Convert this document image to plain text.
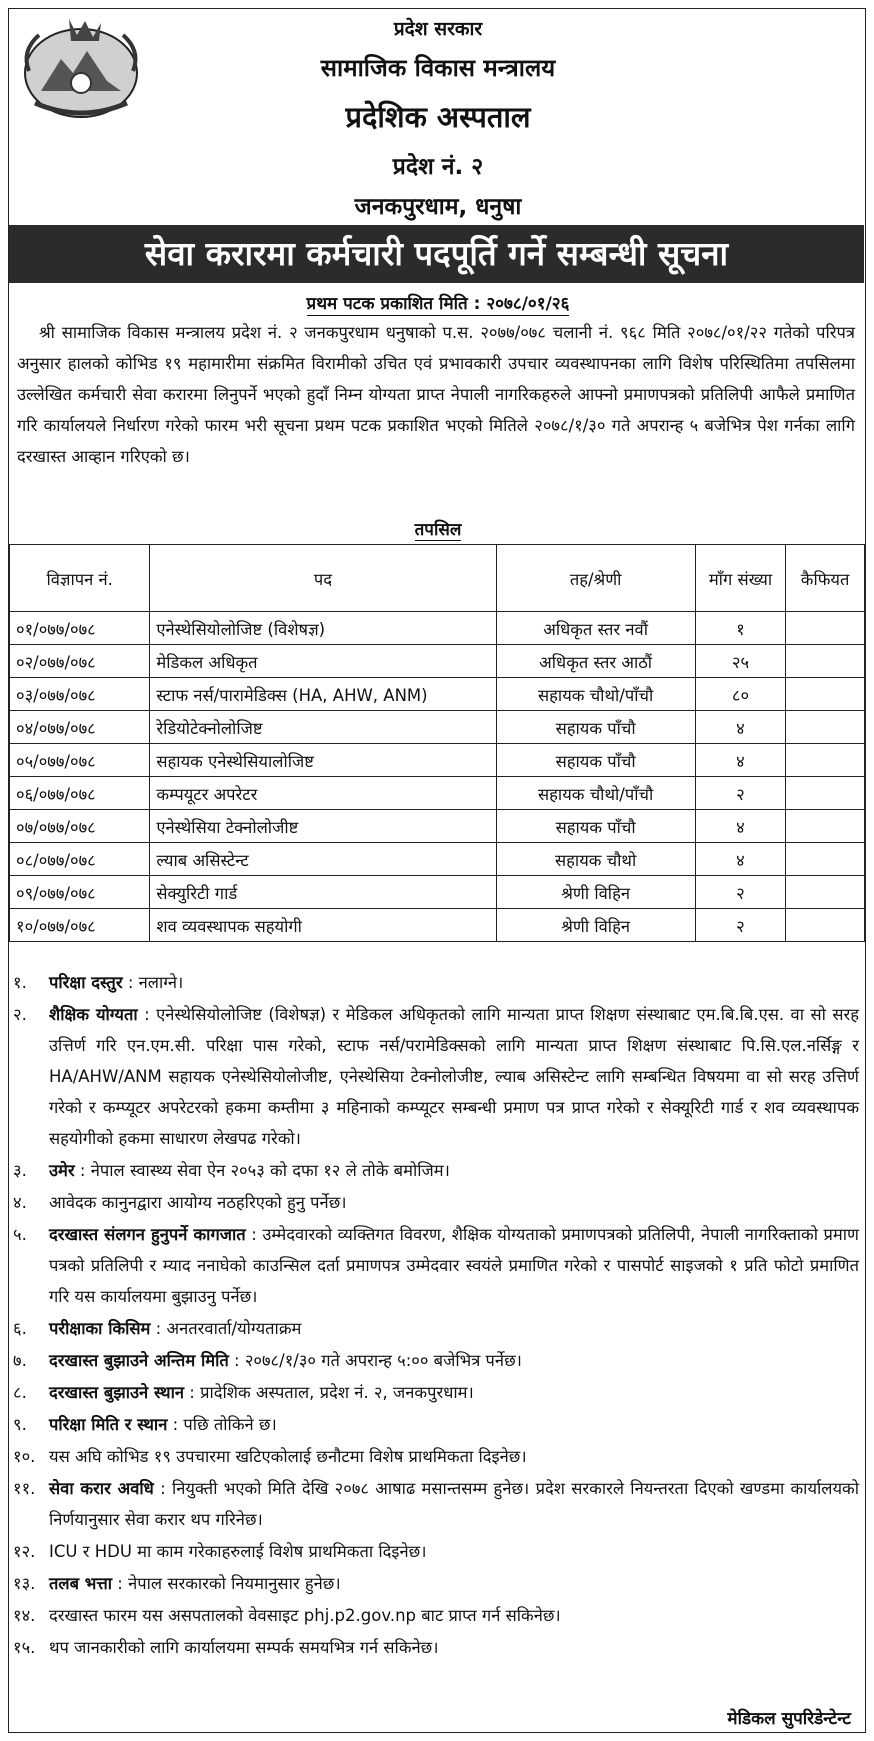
प्रदेश सरकार
सामाजिक विकास मन्त्रालय
प्रदेशिक अस्पताल
प्रदेश नं. २
जनकपुरधाम, धनुषा
सेवा करारमा कर्मचारी पदपूर्ति गर्ने सम्बन्धी सूचना
प्रथम पटक प्रकाशित मिति : २०७८/०१/२६
श्री सामाजिक विकास मन्त्रालय प्रदेश नं. २ जनकपुरधाम धनुषाको प.स. २०७७/०७८ चलानी नं. ९६८ मिति २०७८/०१/२२ गतेको परिपत्र अनुसार हालको कोभिड १९ महामारीमा संक्रमित विरामीको उचित एवं प्रभावकारी उपचार व्यवस्थापनका लागि विशेष परिस्थितिमा तपसिलमा उल्लेखित कर्मचारी सेवा करारमा लिनुपर्ने भएको हुदाँ निम्न योग्यता प्राप्त नेपाली नागरिकहरुले आफ्नो प्रमाणपत्रको प्रतिलिपी आफैले प्रमाणित गरि कार्यालयले निर्धारण गरेको फारम भरी सूचना प्रथम पटक प्रकाशित भएको मितिले २०७८/१/३० गते अपरान्ह ५ बजेभित्र पेश गर्नका लागि दरखास्त आव्हान गरिएको छ।
तपसिल
विज्ञापन नं.	पद	तह/श्रेणी	माँग संख्या	कैफियत
०१/०७७/०७८	एनेस्थेसियोलोजिष्ट (विशेषज्ञ)	अधिकृत स्तर नवौं	१	
०२/०७७/०७८	मेडिकल अधिकृत	अधिकृत स्तर आठौं	२५	
०३/०७७/०७८	स्टाफ नर्स/पारामेडिक्स (HA, AHW, ANM)	सहायक चौथो/पाँचौ	८०	
०४/०७७/०७८	रेडियोटेक्नोलोजिष्ट	सहायक पाँचौ	४	
०५/०७७/०७८	सहायक एनेस्थेसियालोजिष्ट	सहायक पाँचौ	४	
०६/०७७/०७८	कम्पयूटर अपरेटर	सहायक चौथो/पाँचौ	२	
०७/०७७/०७८	एनेस्थेसिया टेक्नोलोजीष्ट	सहायक पाँचौ	४	
०८/०७७/०७८	ल्याब असिस्टेन्ट	सहायक चौथो	४	
०९/०७७/०७८	सेक्युरिटी गार्ड	श्रेणी विहिन	२	
१०/०७७/०७८	शव व्यवस्थापक सहयोगी	श्रेणी विहिन	२	
१. परिक्षा दस्तुर : नलाग्ने।
२. शैक्षिक योग्यता : एनेस्थेसियोलोजिष्ट (विशेषज्ञ) र मेडिकल अधिकृतको लागि मान्यता प्राप्त शिक्षण संस्थाबाट एम.बि.बि.एस. वा सो सरह उत्तिर्ण गरि एन.एम.सी. परिक्षा पास गरेको, स्टाफ नर्स/परामेडिक्सको लागि मान्यता प्राप्त शिक्षण संस्थाबाट पि.सि.एल.नर्सिङ्ग र HA/AHW/ANM सहायक एनेस्थेसियोलोजीष्ट, एनेस्थेसिया टेक्नोलोजीष्ट, ल्याब असिस्टेन्ट लागि सम्बन्धित विषयमा वा सो सरह उत्तिर्ण गरेको र कम्प्यूटर अपरेटरको हकमा कम्तीमा ३ महिनाको कम्प्यूटर सम्बन्धी प्रमाण पत्र प्राप्त गरेको र सेक्यूरिटी गार्ड र शव व्यवस्थापक सहयोगीको हकमा साधारण लेखपढ गरेको।
३. उमेर : नेपाल स्वास्थ्य सेवा ऐन २०५३ को दफा १२ ले तोके बमोजिम।
४. आवेदक कानुनद्वारा आयोग्य नठहरिएको हुनु पर्नेछ।
५. दरखास्त संलगन हुनुपर्ने कागजात : उम्मेदवारको व्यक्तिगत विवरण, शैक्षिक योग्यताको प्रमाणपत्रको प्रतिलिपी, नेपाली नागरिक्ताको प्रमाण पत्रको प्रतिलिपी र म्याद ननाघेको काउन्सिल दर्ता प्रमाणपत्र उम्मेदवार स्वयंले प्रमाणित गरेको र पासपोर्ट साइजको १ प्रति फोटो प्रमाणित गरि यस कार्यालयमा बुझाउनु पर्नेछ।
६. परीक्षाका किसिम : अनतरवार्ता/योग्यताक्रम
७. दरखास्त बुझाउने अन्तिम मिति : २०७८/१/३० गते अपरान्ह ५:०० बजेभित्र पर्नेछ।
८. दरखास्त बुझाउने स्थान : प्रादेशिक अस्पताल, प्रदेश नं. २, जनकपुरधाम।
९. परिक्षा मिति र स्थान : पछि तोकिने छ।
१०. यस अघि कोभिड १९ उपचारमा खटिएकोलाई छनौटमा विशेष प्राथमिकता दिइनेछ।
११. सेवा करार अवधि : नियुक्ती भएको मिति देखि २०७८ आषाढ मसान्तसम्म हुनेछ। प्रदेश सरकारले नियन्तरता दिएको खण्डमा कार्यालयको निर्णयानुसार सेवा करार थप गरिनेछ।
१२. ICU र HDU मा काम गरेकाहरुलाई विशेष प्राथमिकता दिइनेछ।
१३. तलब भत्ता : नेपाल सरकारको नियमानुसार हुनेछ।
१४. दरखास्त फारम यस असपतालको वेवसाइट phj.p2.gov.np बाट प्राप्त गर्न सकिनेछ।
१५. थप जानकारीको लागि कार्यालयमा सम्पर्क समयभित्र गर्न सकिनेछ।
मेडिकल सुपरिडेन्टेन्ट
